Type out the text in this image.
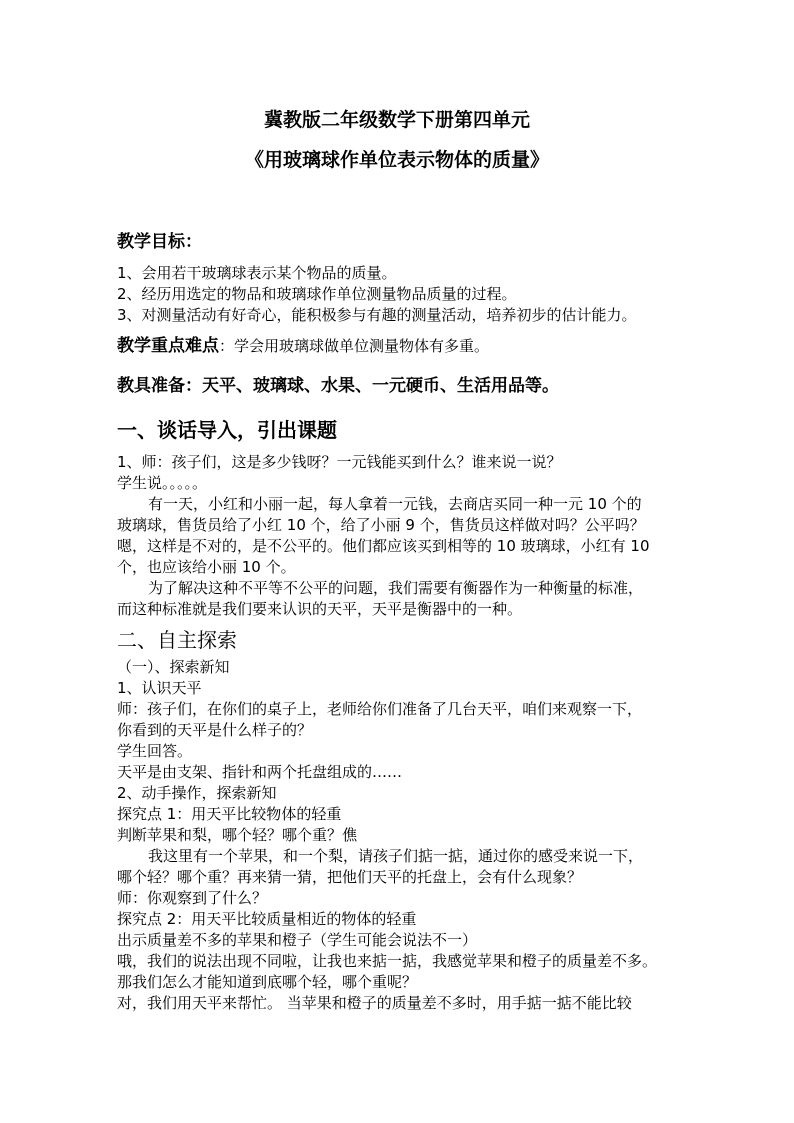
冀教版二年级数学下册第四单元
《用玻璃球作单位表示物体的质量》
教学目标：
1、会用若干玻璃球表示某个物品的质量。
2、经历用选定的物品和玻璃球作单位测量物品质量的过程。
3、对测量活动有好奇心，能积极参与有趣的测量活动，培养初步的估计能力。
教学重点难点：学会用玻璃球做单位测量物体有多重。
教具准备：天平、玻璃球、水果、一元硬币、生活用品等。
一、谈话导入，引出课题
1、师：孩子们，这是多少钱呀？一元钱能买到什么？谁来说一说？
学生说。。。。。
有一天，小红和小丽一起，每人拿着一元钱，去商店买同一种一元 10 个的
玻璃球，售货员给了小红 10 个，给了小丽 9 个，售货员这样做对吗？公平吗？
嗯，这样是不对的，是不公平的。他们都应该买到相等的 10 玻璃球，小红有 10
个，也应该给小丽 10 个。
为了解决这种不平等不公平的问题，我们需要有衡器作为一种衡量的标准，
而这种标准就是我们要来认识的天平，天平是衡器中的一种。
二、自主探索
（一）、探索新知
1、认识天平
师：孩子们，在你们的桌子上，老师给你们准备了几台天平，咱们来观察一下，
你看到的天平是什么样子的？
学生回答。
天平是由支架、指针和两个托盘组成的……
2、动手操作，探索新知
探究点 1：用天平比较物体的轻重
判断苹果和梨，哪个轻？哪个重？僬
我这里有一个苹果，和一个梨，请孩子们掂一掂，通过你的感受来说一下，
哪个轻？哪个重？再来猜一猜，把他们天平的托盘上，会有什么现象？
师：你观察到了什么？
探究点 2：用天平比较质量相近的物体的轻重
出示质量差不多的苹果和橙子（学生可能会说法不一）
哦，我们的说法出现不同啦，让我也来掂一掂，我感觉苹果和橙子的质量差不多。
那我们怎么才能知道到底哪个轻，哪个重呢？
对，我们用天平来帮忙。 当苹果和橙子的质量差不多时，用手掂一掂不能比较
